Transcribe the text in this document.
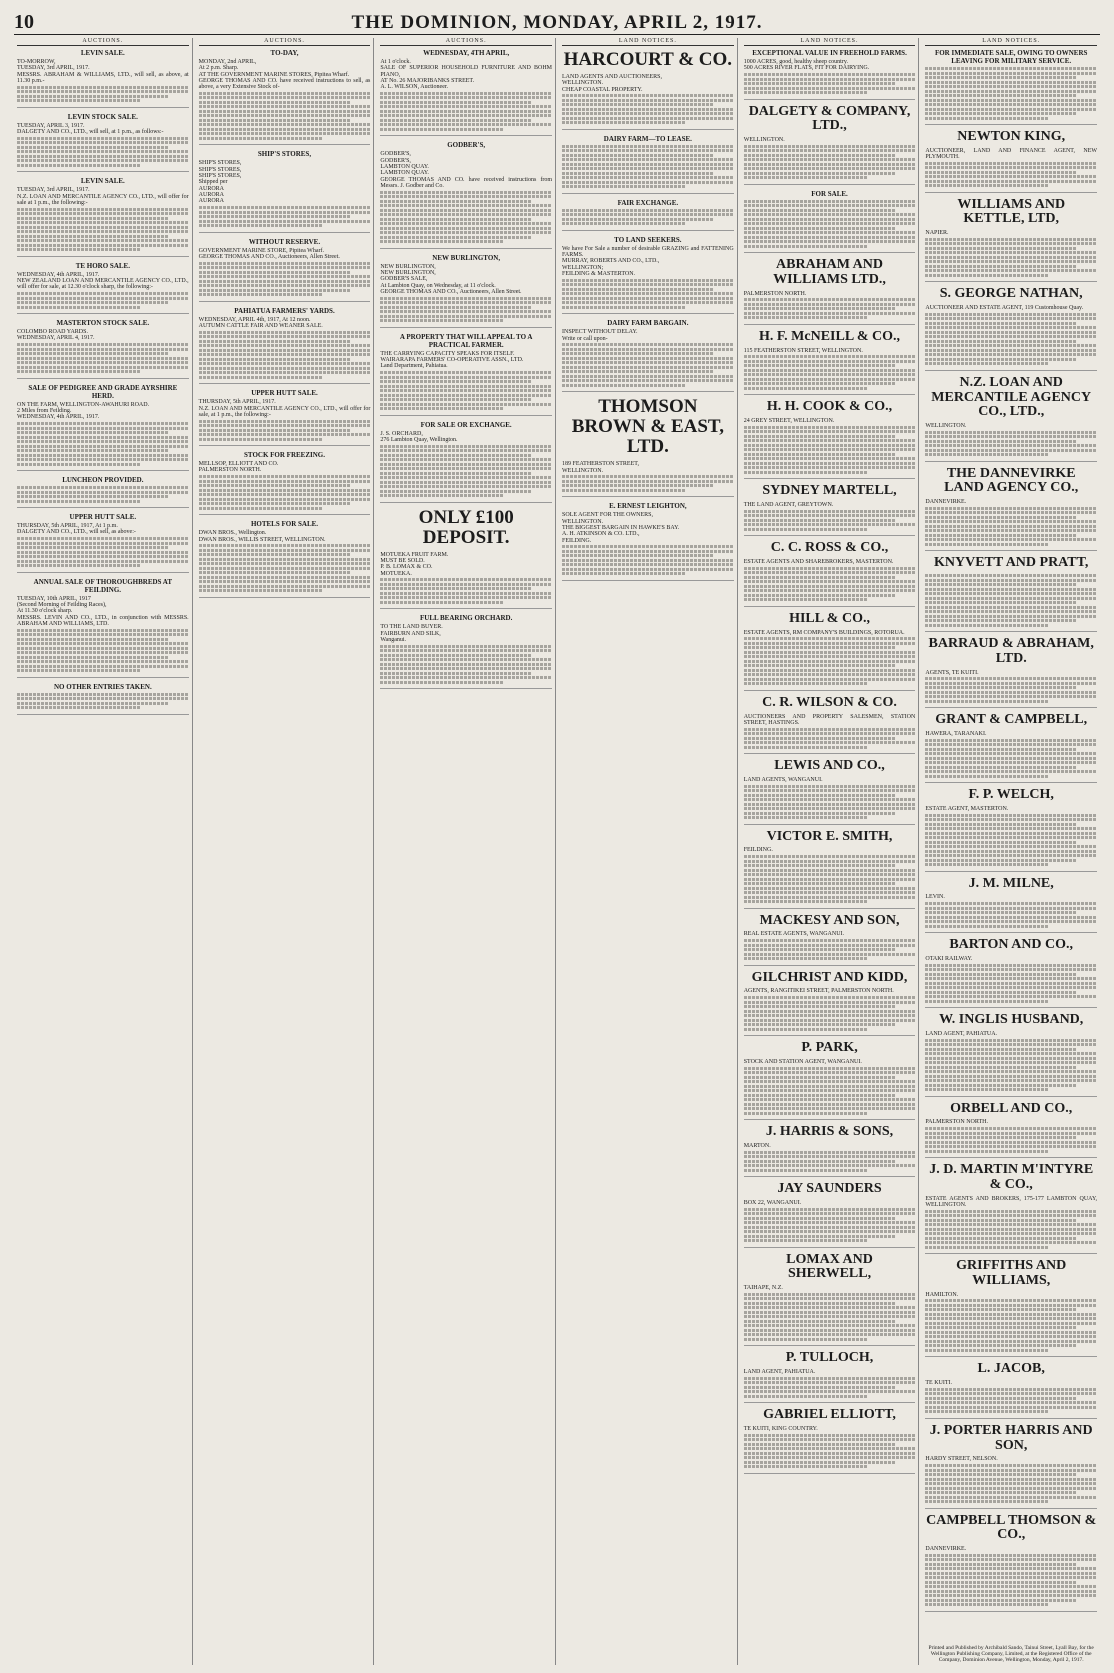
10	THE DOMINION, MONDAY, APRIL 2, 1917.
AUCTIONS.
LEVIN SALE.

TO-MORROW,

TUESDAY, 3rd APRIL, 1917.

MESSRS. ABRAHAM & WILLIAMS, LTD., will sell, as above, at 11.30 p.m.-

LEVIN STOCK SALE.

TUESDAY, APRIL 3, 1917.

DALGETY AND CO., LTD., will sell, at 1 p.m., as follows:-

LEVIN SALE.

TUESDAY, 3rd APRIL, 1917.

N.Z. LOAN AND MERCANTILE AGENCY CO., LTD., will offer for sale at 1 p.m., the following:-

TE HORO SALE.

WEDNESDAY, 4th APRIL, 1917.

NEW ZEALAND LOAN AND MERCANTILE AGENCY CO., LTD., will offer for sale, at 12.30 o'clock sharp, the following:-

MASTERTON STOCK SALE.

COLOMBO ROAD YARDS.

WEDNESDAY, APRIL 4, 1917.

SALE OF PEDIGREE AND GRADE AYRSHIRE HERD.

ON THE FARM, WELLINGTON-AWAHURI ROAD.

2 Miles from Feilding.

WEDNESDAY, 4th APRIL, 1917.

LUNCHEON PROVIDED.
UPPER HUTT SALE.

THURSDAY, 5th APRIL, 1917, At 1 p.m.

DALGETY AND CO., LTD., will sell, as above:-

ANNUAL SALE OF THOROUGHBREDS AT FEILDING.

TUESDAY, 10th APRIL, 1917

(Second Morning of Feilding Races),

At 11.30 o'clock sharp.

MESSRS. LEVIN AND CO., LTD., in conjunction with MESSRS. ABRAHAM AND WILLIAMS, LTD.

NO OTHER ENTRIES TAKEN.
AUCTIONS.
TO-DAY,

MONDAY, 2nd APRIL,

At 2 p.m. Sharp.

AT THE GOVERNMENT MARINE STORES, Pipitea Wharf.

GEORGE THOMAS AND CO. have received instructions to sell, as above, a very Extensive Stock of-

SHIP'S STORES,

SHIP'S STORES,

SHIP'S STORES,

SHIP'S STORES,

Shipped per

AURORA

AURORA

AURORA

WITHOUT RESERVE.

GOVERNMENT MARINE STORE, Pipitea Wharf.

GEORGE THOMAS AND CO., Auctioneers, Allen Street.

PAHIATUA FARMERS' YARDS.

WEDNESDAY, APRIL 4th, 1917, At 12 noon.

AUTUMN CATTLE FAIR AND WEANER SALE.

UPPER HUTT SALE.

THURSDAY, 5th APRIL, 1917.

N.Z. LOAN AND MERCANTILE AGENCY CO., LTD., will offer for sale, at 1 p.m., the following:-

STOCK FOR FREEZING.

MELLSOP, ELLIOTT AND CO.

PALMERSTON NORTH.

HOTELS FOR SALE.

DWAN BROS., Wellington.

DWAN BROS., WILLIS STREET, WELLINGTON.

AUCTIONS.
WEDNESDAY, 4TH APRIL,

At 1 o'clock.

SALE OF SUPERIOR HOUSEHOLD FURNITURE AND BOHM PIANO,

AT No. 26 MAJORIBANKS STREET.

A. L. WILSON, Auctioneer.

GODBER'S,

GODBER'S,

GODBER'S,

LAMBTON QUAY.

LAMBTON QUAY.

GEORGE THOMAS AND CO. have received instructions from Messrs. J. Godber and Co.

NEW BURLINGTON,

NEW BURLINGTON,

NEW BURLINGTON,

GODBER'S SALE,

At Lambton Quay, on Wednesday, at 11 o'clock.

GEORGE THOMAS AND CO., Auctioneers, Allen Street.

A PROPERTY THAT WILL APPEAL TO A PRACTICAL FARMER.

THE CARRYING CAPACITY SPEAKS FOR ITSELF.

WAIRARAPA FARMERS' CO-OPERATIVE ASSN., LTD.

Land Department, Pahiatua.

FOR SALE OR EXCHANGE.

J. S. ORCHARD,

276 Lambton Quay, Wellington.

ONLY £100 DEPOSIT.

MOTUEKA FRUIT FARM.

MUST BE SOLD.

P. B. LOMAX & CO.

MOTUEKA.

FULL BEARING ORCHARD.

TO THE LAND BUYER.

FAIRBURN AND SILK,

Wanganui.

LAND NOTICES.
HARCOURT & CO.

LAND AGENTS AND AUCTIONEERS,

WELLINGTON.

CHEAP COASTAL PROPERTY.

DAIRY FARM—TO LEASE.
FAIR EXCHANGE.
TO LAND SEEKERS.

We have For Sale a number of desirable GRAZING and FATTENING FARMS.

MURRAY, ROBERTS AND CO., LTD.,

WELLINGTON;

FEILDING & MASTERTON.

DAIRY FARM BARGAIN.

INSPECT WITHOUT DELAY.

Write or call upon-

THOMSON BROWN & EAST, LTD.

189 FEATHERSTON STREET,

WELLINGTON.

E. ERNEST LEIGHTON,

SOLE AGENT FOR THE OWNERS,

WELLINGTON.

THE BIGGEST BARGAIN IN HAWKE'S BAY.

A. H. ATKINSON & CO. LTD.,

FEILDING.

LAND NOTICES.
EXCEPTIONAL VALUE IN FREEHOLD FARMS.

1000 ACRES, good, healthy sheep country.

500 ACRES RIVER FLATS, FIT FOR DAIRYING.

DALGETY & COMPANY, LTD.,

WELLINGTON.

FOR SALE.
ABRAHAM AND WILLIAMS LTD.,

PALMERSTON NORTH.

H. F. McNEILL & CO.,

115 FEATHERSTON STREET, WELLINGTON.

H. H. COOK & CO.,

24 GREY STREET, WELLINGTON.

SYDNEY MARTELL,

THE LAND AGENT, GREYTOWN.

C. C. ROSS & CO.,

ESTATE AGENTS AND SHAREBROKERS, MASTERTON.

HILL & CO.,

ESTATE AGENTS, RM COMPANY'S BUILDINGS, ROTORUA.

C. R. WILSON & CO.

AUCTIONEERS AND PROPERTY SALESMEN, STATION STREET, HASTINGS.

LEWIS AND CO.,

LAND AGENTS, WANGANUI.

VICTOR E. SMITH,

FEILDING.

MACKESY AND SON,

REAL ESTATE AGENTS, WANGANUI.

GILCHRIST AND KIDD,

AGENTS, RANGITIKEI STREET, PALMERSTON NORTH.

P. PARK,

STOCK AND STATION AGENT, WANGANUI.

J. HARRIS & SONS,

MARTON.

JAY SAUNDERS

BOX 22, WANGANUI.

LOMAX AND SHERWELL,

TAIHAPE, N.Z.

P. TULLOCH,

LAND AGENT, PAHIATUA.

GABRIEL ELLIOTT,

TE KUITI, KING COUNTRY.

LAND NOTICES.
FOR IMMEDIATE SALE, OWING TO OWNERS LEAVING FOR MILITARY SERVICE.
NEWTON KING,

AUCTIONEER, LAND AND FINANCE AGENT, NEW PLYMOUTH.

WILLIAMS AND KETTLE, LTD,

NAPIER.

S. GEORGE NATHAN,

AUCTIONEER AND ESTATE AGENT, 119 Customhouse Quay.

N.Z. LOAN AND MERCANTILE AGENCY CO., LTD.,

WELLINGTON.

THE DANNEVIRKE LAND AGENCY CO.,

DANNEVIRKE.

KNYVETT AND PRATT,
BARRAUD & ABRAHAM, LTD.

AGENTS, TE KUITI.

GRANT & CAMPBELL,

HAWERA, TARANAKI.

F. P. WELCH,

ESTATE AGENT, MASTERTON.

J. M. MILNE,

LEVIN.

BARTON AND CO.,

OTAKI RAILWAY.

W. INGLIS HUSBAND,

LAND AGENT, PAHIATUA.

ORBELL AND CO.,

PALMERSTON NORTH.

J. D. MARTIN M'INTYRE & CO.,

ESTATE AGENTS AND BROKERS, 175-177 LAMBTON QUAY, WELLINGTON.

GRIFFITHS AND WILLIAMS,

HAMILTON.

L. JACOB,

TE KUITI.

J. PORTER HARRIS AND SON,

HARDY STREET, NELSON.

CAMPBELL THOMSON & CO.,

DANNEVIRKE.

Printed and Published by Archibald Sando, Tainui Street, Lyall Bay, for the Wellington Publishing Company, Limited, at the Registered Office of the Company, Dominion Avenue, Wellington, Monday, April 2, 1917.
